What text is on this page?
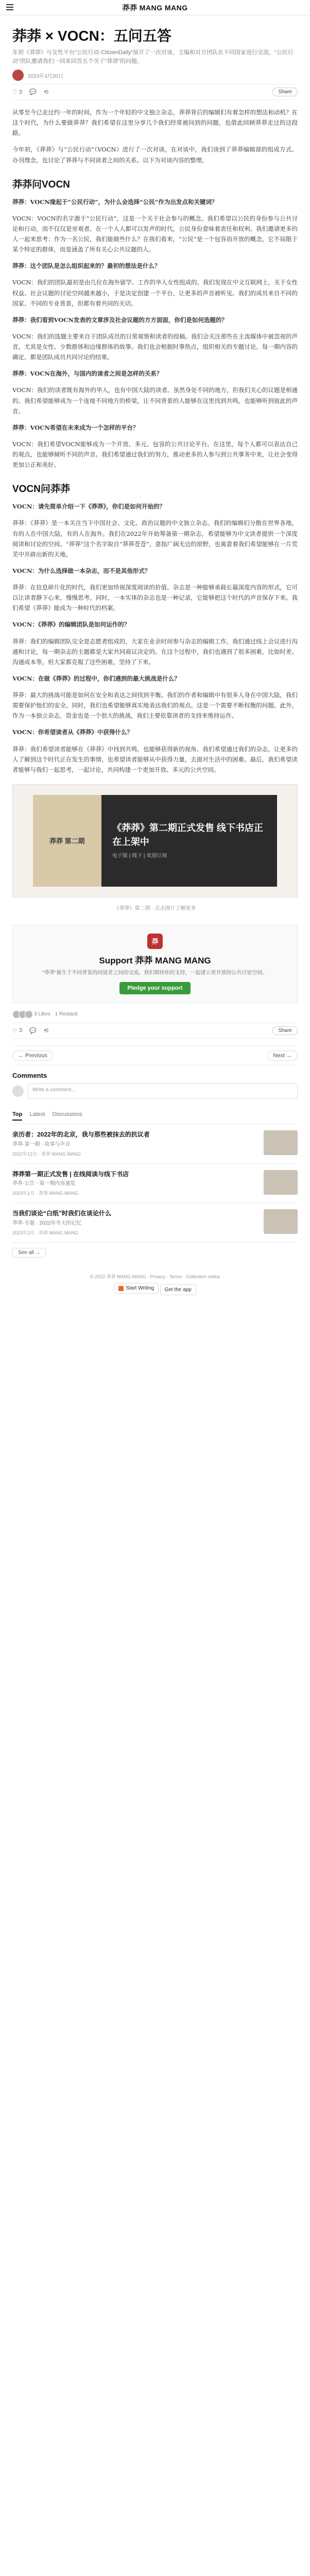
莽莽 MANG MANG
莽莽 × VOCN：五问五答

年初《莽莽》与女性平台“公民行动·CitizenDaily”展开了一次对谈，主编和对方团队在不同国家进行交流，“公民行动”团队邀请我们一同来回答五个关于“莽莽”的问题。

2023年3月20日
♡ 3 💬 ⟲	Share

从零至今已走过约一年的时间，作为一个年轻的中文独立杂志，莽莽背后的编辑们有着怎样的想法和动机？在这个时代，为什么要做莽莽？我们希望在这里分享几个我们经常被问到的问题，也借此回顾莽莽走过的这段路。

今年初，《莽莽》与“公民行动”（VOCN）进行了一次对谈。在对谈中，我们谈到了莽莽编辑部的组成方式、办刊理念，也讨论了莽莽与不同读者之间的关系。以下为对谈内容的整理。

莽莽问VOCN

莽莽：VOCN缘起于“公民行动”，为什么会选择“公民”作为出发点和关键词？

VOCN：VOCN的名字源于“公民行动”，这是一个关于社会参与的概念。我们希望以公民的身份参与公共讨论和行动，而不仅仅是旁观者。在一个人人都可以发声的时代，公民身份意味着责任和权利。我们邀请更多的人一起来思考：作为一名公民，我们能做些什么？在我们看来，“公民”是一个包容而开放的概念，它不局限于某个特定的群体，而是涵盖了所有关心公共议题的人。

莽莽：这个团队是怎么组织起来的？最初的想法是什么？

VOCN：我们的团队最初是由几位在海外留学、工作的华人女性组成的。我们发现在中文互联网上，关于女性权益、社会议题的讨论空间越来越小，于是决定创建一个平台，让更多的声音被听见。我们的成员来自不同的国家、不同的专业背景，但都有着共同的关切。

莽莽：我们看到VOCN发表的文章涉及社会议题的方方面面，你们是如何选题的？

VOCN：我们的选题主要来自于团队成员的日常观察和读者的投稿。我们会关注那些在主流媒体中被忽视的声音，尤其是女性、少数群体和边缘群体的故事。我们也会根据时事热点，组织相关的专题讨论。每一期内容的确定，都是团队成员共同讨论的结果。

莽莽：VOCN在海外，与国内的读者之间是怎样的关系？

VOCN：我们的读者既有海外的华人，也有中国大陆的读者。虽然身处不同的地方，但我们关心的议题是相通的。我们希望能够成为一个连接不同地方的桥梁，让不同背景的人能够在这里找到共鸣，也能够听到彼此的声音。

莽莽：VOCN希望在未来成为一个怎样的平台？

VOCN：我们希望VOCN能够成为一个开放、多元、包容的公共讨论平台。在这里，每个人都可以表达自己的观点，也能够倾听不同的声音。我们希望通过我们的努力，推动更多的人参与到公共事务中来，让社会变得更加公正和美好。

VOCN问莽莽

VOCN：请先简单介绍一下《莽莽》，你们是如何开始的？

莽莽：《莽莽》是一本关注当下中国社会、文化、政治议题的中文独立杂志。我们的编辑们分散在世界各地，有的人在中国大陆，有的人在海外。我们在2022年开始筹备第一期杂志，希望能够为中文读者提供一个深度阅读和讨论的空间。“莽莽”这个名字取自“莽莽苍苍”，意指广阔无边的原野，也寓意着我们希望能够在一片荒芜中开辟出新的天地。

VOCN：为什么选择做一本杂志，而不是其他形式？

莽莽：在信息碎片化的时代，我们更加珍视深度阅读的价值。杂志是一种能够承载长篇深度内容的形式，它可以让读者静下心来，慢慢思考。同时，一本实体的杂志也是一种记录，它能够把这个时代的声音保存下来。我们希望《莽莽》能成为一种时代的档案。

VOCN：《莽莽》的编辑团队是如何运作的？

莽莽：我们的编辑团队完全是志愿者组成的，大家在业余时间参与杂志的编辑工作。我们通过线上会议进行沟通和讨论，每一期杂志的主题都是大家共同商议决定的。在这个过程中，我们也遇到了很多困难，比如时差、沟通成本等，但大家都克服了这些困难，坚持了下来。

VOCN：在做《莽莽》的过程中，你们遇到的最大挑战是什么？

莽莽：最大的挑战可能是如何在安全和表达之间找到平衡。我们的作者和编辑中有很多人身在中国大陆，我们需要保护他们的安全。同时，我们也希望能够真实地表达我们的观点。这是一个需要不断权衡的问题。此外，作为一本独立杂志，资金也是一个很大的挑战，我们主要依靠读者的支持来维持运作。

VOCN：你希望读者从《莽莽》中获得什么？

莽莽：我们希望读者能够在《莽莽》中找到共鸣，也能够获得新的视角。我们希望通过我们的杂志，让更多的人了解到这个时代正在发生的事情，也希望读者能够从中获得力量，去面对生活中的困难。最后，我们希望读者能够与我们一起思考，一起讨论，共同构建一个更加开放、多元的公共空间。

莽莽 第二期
《莽莽》第二期正式发售 线下书店正在上架中
电子版 | 线下 | 欢迎订阅

《莽莽》第二期 · 点击图片了解更多

莽
Support 莽莽 MANG MANG

“莽莽”诞生于不同背景的同道者之间的交流。我们期待你的支持，一起建立更开放的公共讨论空间。

Pledge your support
3 Likes · 1 Restack
♡ 3 💬 ⟲	Share
← Previous	Next →
Comments
Write a comment...
Top Latest Discussions
亲历者：2022年的北京，我与那些被抹去的抗议者
莽莽·第一期 · 故事与声音
2022年12月 · 莽莽 MANG MANG
莽莽第一期正式发售 | 在线阅读与线下书店
莽莽·公告 · 第一期内容速览
2023年1月 · 莽莽 MANG MANG
当我们谈论“白纸”时我们在谈论什么
莽莽·专题 · 2022年冬天的记忆
2023年2月 · 莽莽 MANG MANG
See all →
© 2023 莽莽 MANG MANG · Privacy · Terms · Collection notice
Start Writing
Get the app
